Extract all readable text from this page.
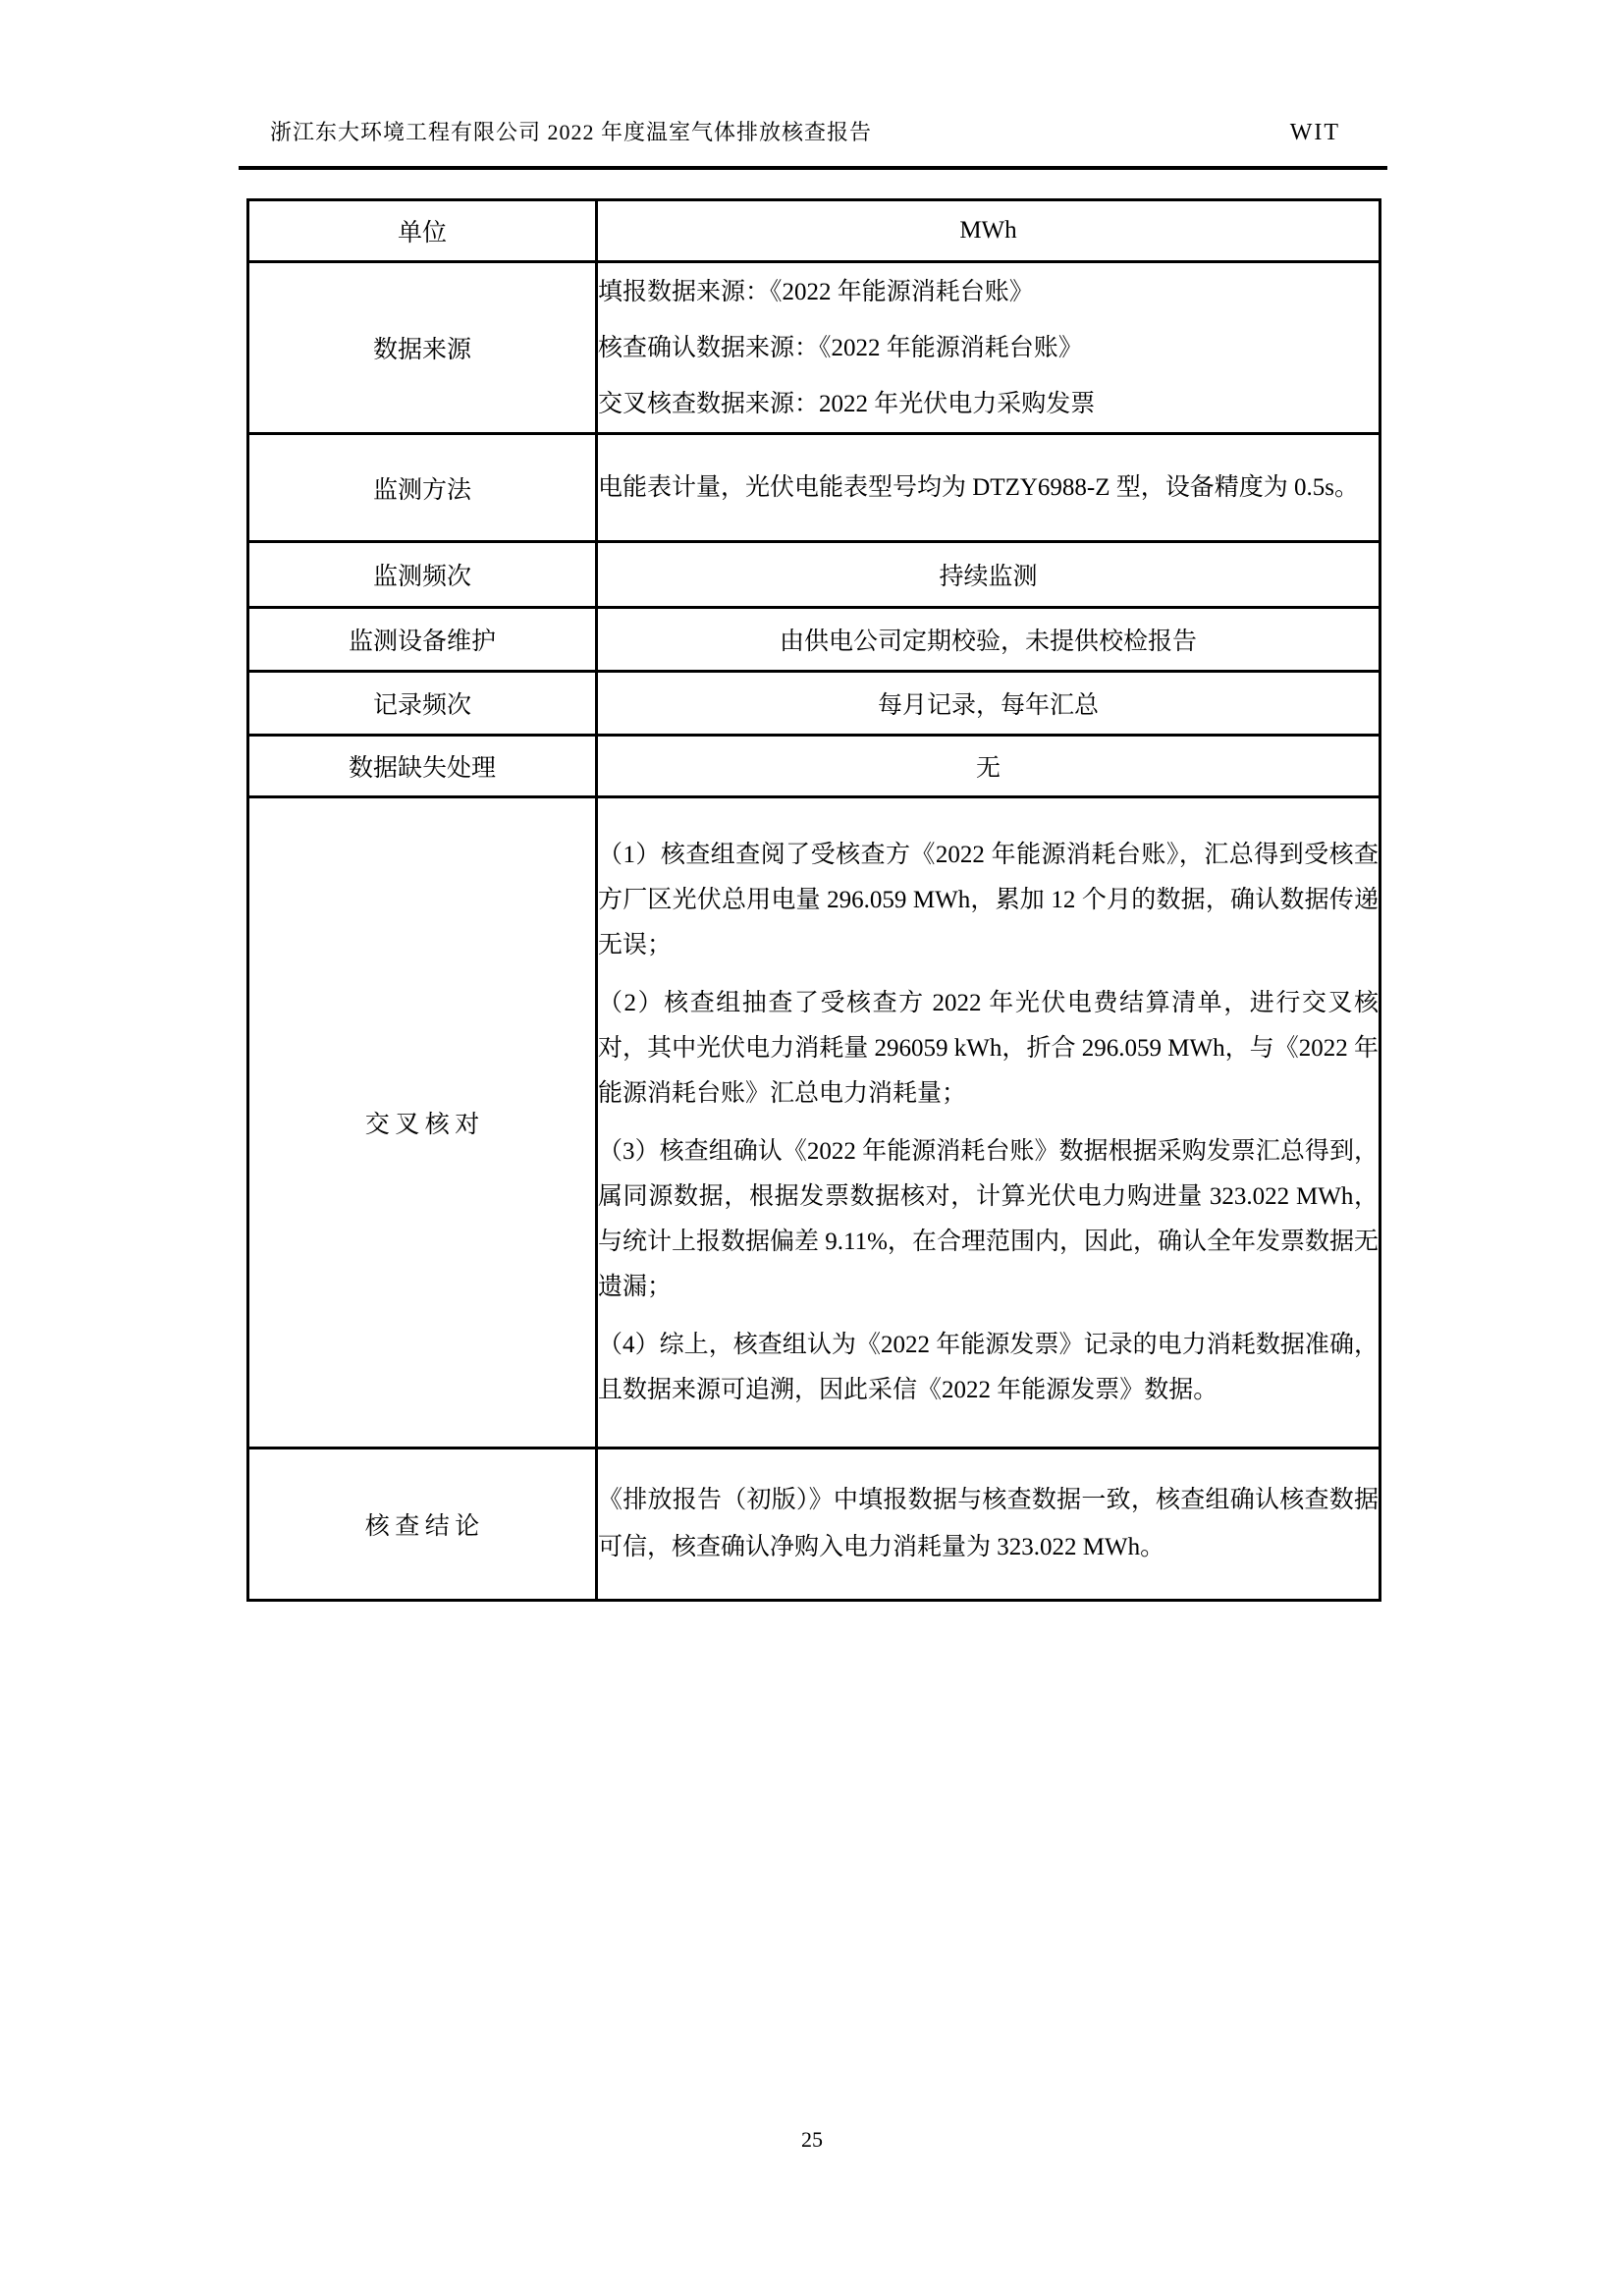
浙江东大环境工程有限公司 2022 年度温室气体排放核查报告	WIT
单位	MWh
数据来源	填报数据来源：《2022 年能源消耗台账》

核查确认数据来源：《2022 年能源消耗台账》

交叉核查数据来源：2022 年光伏电力采购发票

监测方法	电能表计量，光伏电能表型号均为 DTZY6988-Z 型，设备精度为 0.5s。

监测频次	持续监测
监测设备维护	由供电公司定期校验，未提供校检报告
记录频次	每月记录，每年汇总
数据缺失处理	无
交叉核对	（1）核查组查阅了受核查方《2022 年能源消耗台账》，汇总得到受核查方厂区光伏总用电量 296.059 MWh，累加 12 个月的数据，确认数据传递无误；

（2）核查组抽查了受核查方 2022 年光伏电费结算清单，进行交叉核对，其中光伏电力消耗量 296059 kWh，折合 296.059 MWh，与《2022 年能源消耗台账》汇总电力消耗量；

（3）核查组确认《2022 年能源消耗台账》数据根据采购发票汇总得到，属同源数据，根据发票数据核对，计算光伏电力购进量 323.022 MWh，与统计上报数据偏差 9.11%，在合理范围内，因此，确认全年发票数据无遗漏；

（4）综上，核查组认为《2022 年能源发票》记录的电力消耗数据准确，且数据来源可追溯，因此采信《2022 年能源发票》数据。

核查结论	《排放报告（初版）》中填报数据与核查数据一致，核查组确认核查数据可信，核查确认净购入电力消耗量为 323.022 MWh。

25
